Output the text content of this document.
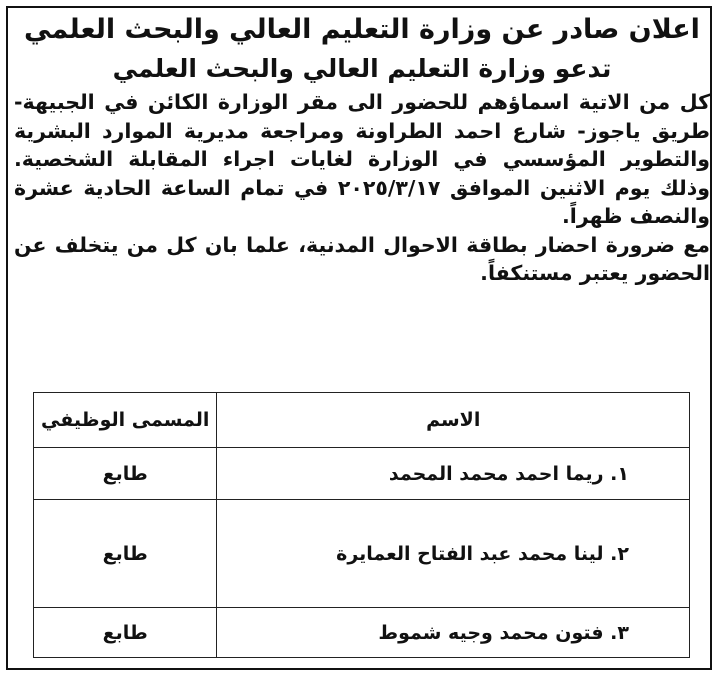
اعلان صادر عن وزارة التعليم العالي والبحث العلمي

تدعو وزارة التعليم العالي والبحث العلمي

كل من الاتية اسماؤهم للحضور الى مقر الوزارة الكائن في الجبيهة- طريق ياجوز- شارع احمد الطراونة ومراجعة مديرية الموارد البشرية والتطوير المؤسسي في الوزارة لغايات اجراء المقابلة الشخصية. وذلك يوم الاثنين الموافق ٢٠٢٥/٣/١٧ في تمام الساعة الحادية عشرة والنصف ظهراً.

مع ضرورة احضار بطاقة الاحوال المدنية، علما بان كل من يتخلف عن الحضور يعتبر مستنكفاً.

الاسم	المسمى الوظيفي
١. ريما احمد محمد المحمد	طابع
٢. لينا محمد عبد الفتاح العمايرة	طابع
٣. فتون محمد وجيه شموط	طابع
